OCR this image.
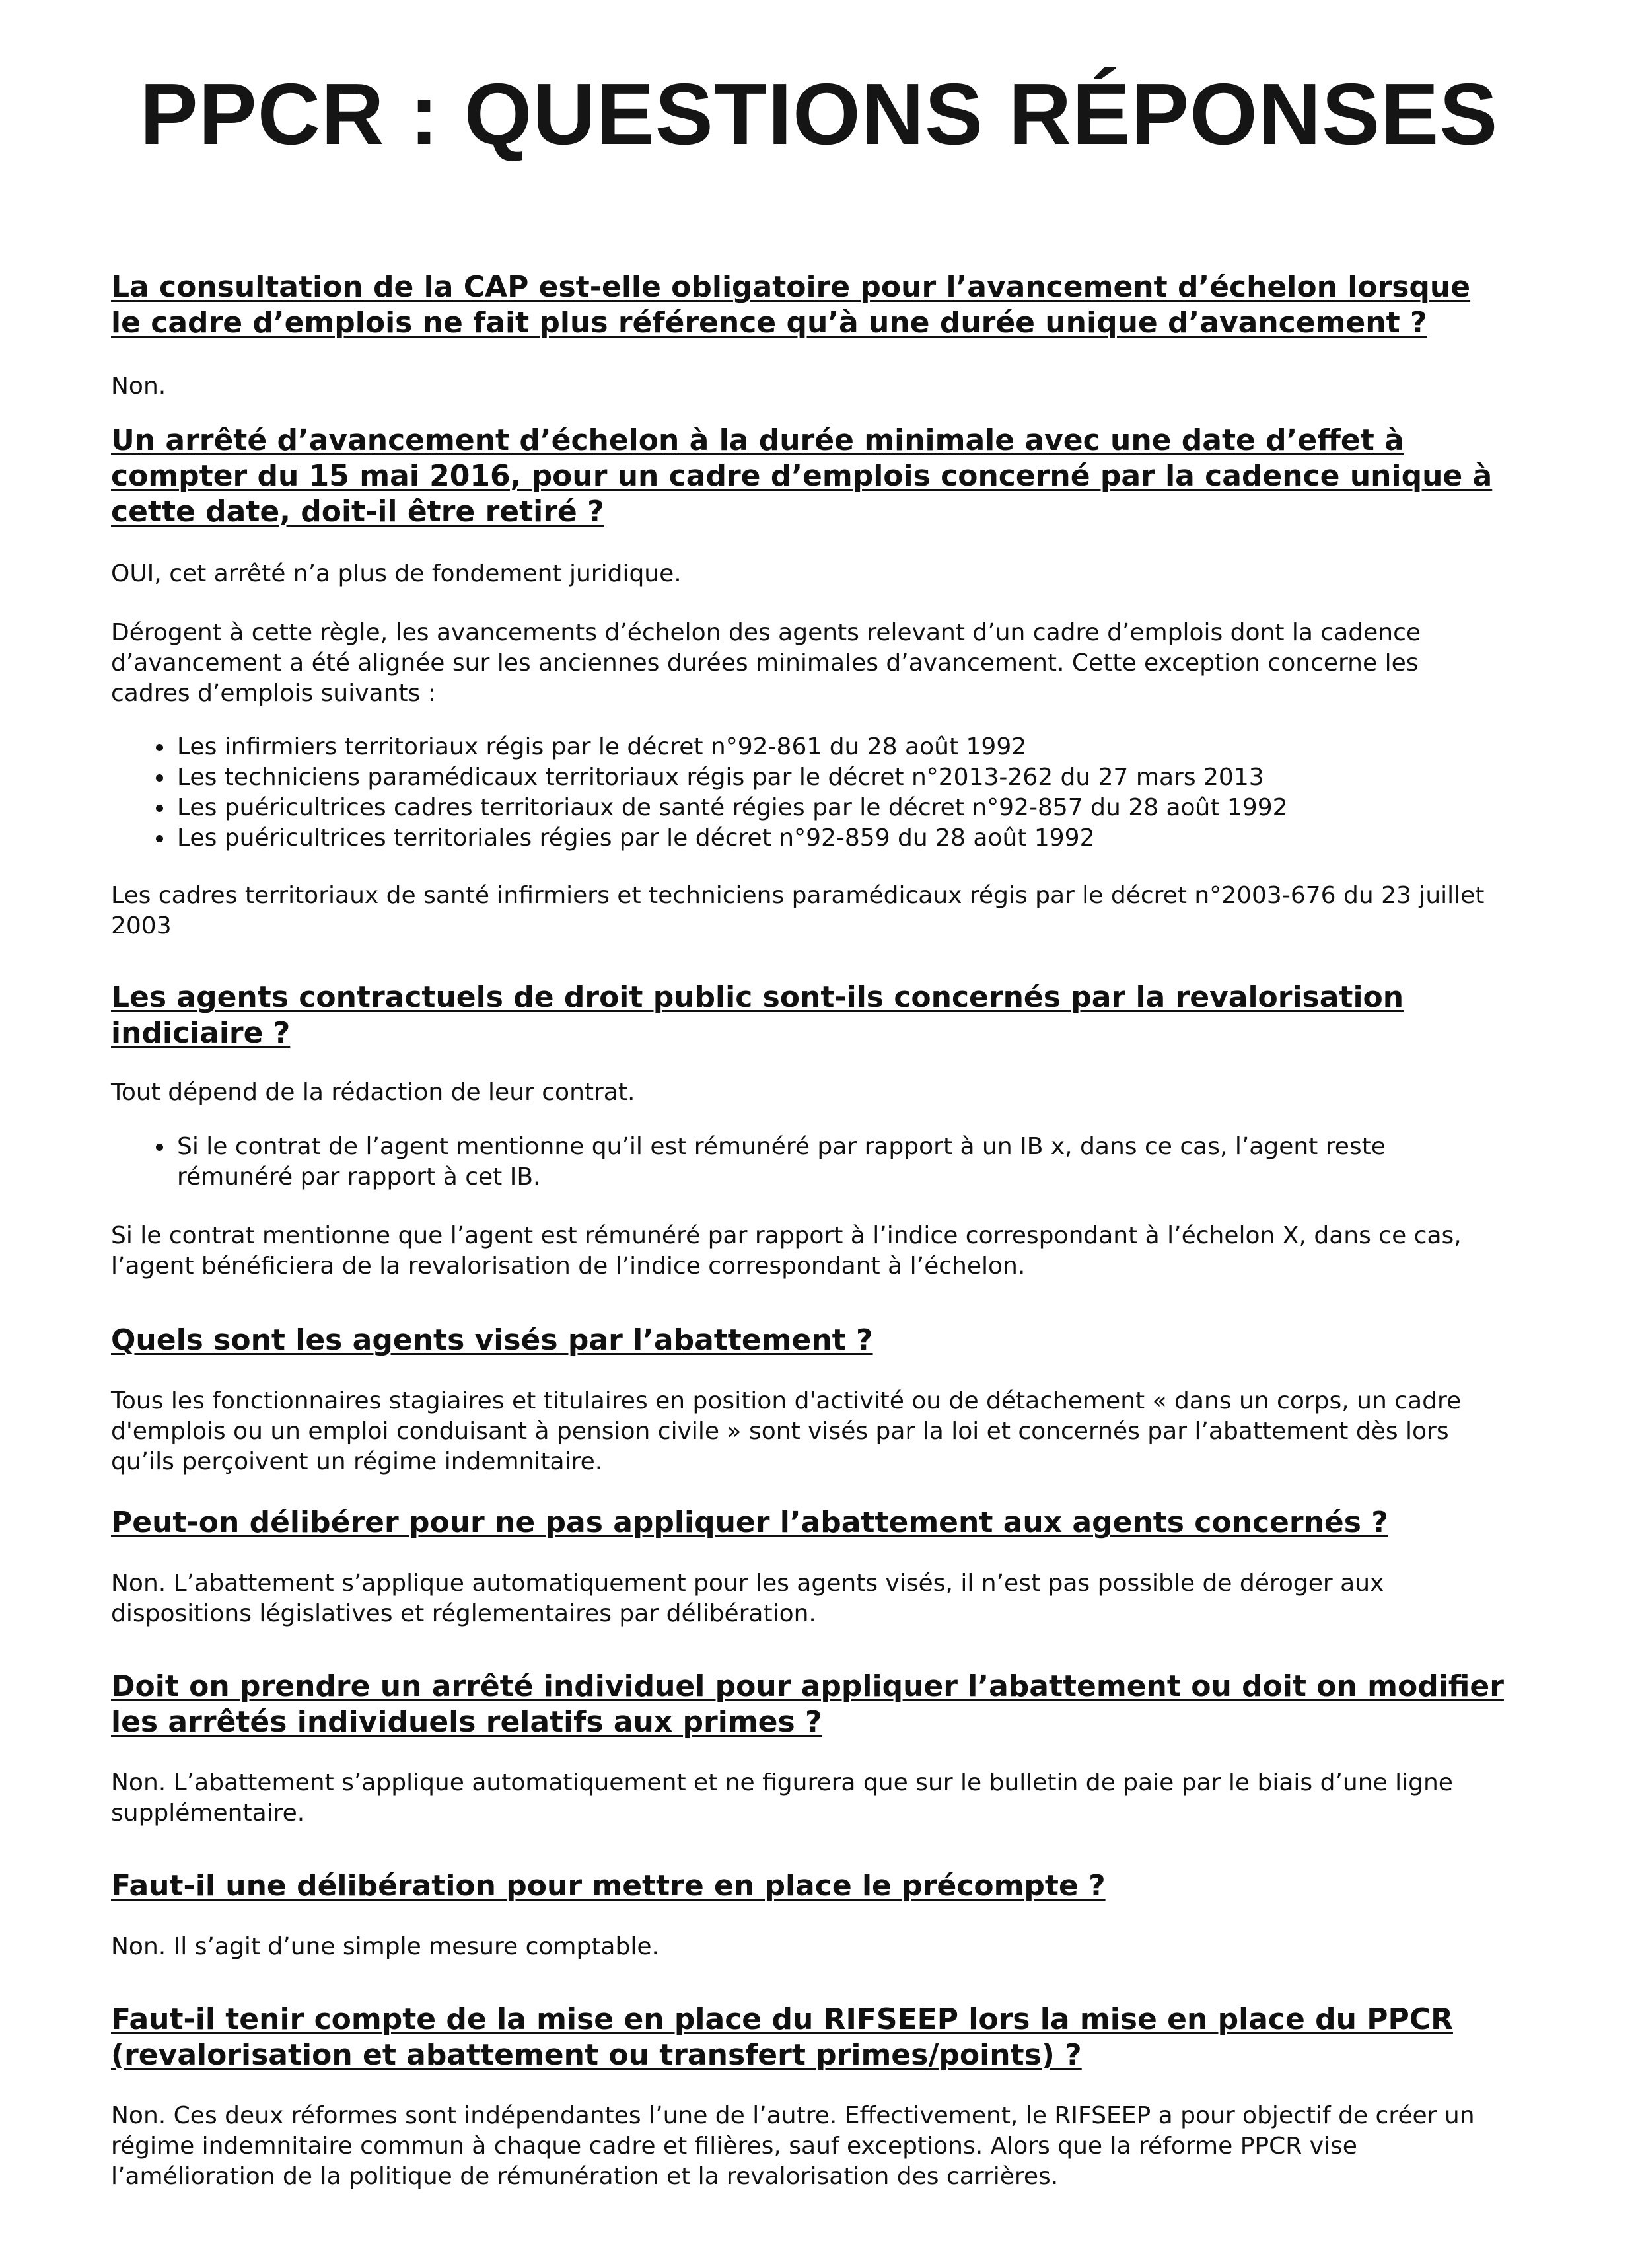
PPCR : QUESTIONS RÉPONSES

La consultation de la CAP est-elle obligatoire pour l’avancement d’échelon lorsque le cadre d’emplois ne fait plus référence qu’à une durée unique d’avancement ?

Non.

Un arrêté d’avancement d’échelon à la durée minimale avec une date d’effet à compter du 15 mai 2016, pour un cadre d’emplois concerné par la cadence unique à cette date, doit-il être retiré ?

OUI, cet arrêté n’a plus de fondement juridique.

Dérogent à cette règle, les avancements d’échelon des agents relevant d’un cadre d’emplois dont la cadence d’avancement a été alignée sur les anciennes durées minimales d’avancement. Cette exception concerne les cadres d’emplois suivants :

• Les infirmiers territoriaux régis par le décret n°92-861 du 28 août 1992
• Les techniciens paramédicaux territoriaux régis par le décret n°2013-262 du 27 mars 2013
• Les puéricultrices cadres territoriaux de santé régies par le décret n°92-857 du 28 août 1992
• Les puéricultrices territoriales régies par le décret n°92-859 du 28 août 1992

Les cadres territoriaux de santé infirmiers et techniciens paramédicaux régis par le décret n°2003-676 du 23 juillet 2003

Les agents contractuels de droit public sont-ils concernés par la revalorisation indiciaire ?

Tout dépend de la rédaction de leur contrat.

• Si le contrat de l’agent mentionne qu’il est rémunéré par rapport à un IB x, dans ce cas, l’agent reste rémunéré par rapport à cet IB.

Si le contrat mentionne que l’agent est rémunéré par rapport à l’indice correspondant à l’échelon X, dans ce cas, l’agent bénéficiera de la revalorisation de l’indice correspondant à l’échelon.

Quels sont les agents visés par l’abattement ?

Tous les fonctionnaires stagiaires et titulaires en position d'activité ou de détachement « dans un corps, un cadre d'emplois ou un emploi conduisant à pension civile » sont visés par la loi et concernés par l’abattement dès lors qu’ils perçoivent un régime indemnitaire.

Peut-on délibérer pour ne pas appliquer l’abattement aux agents concernés ?

Non. L’abattement s’applique automatiquement pour les agents visés, il n’est pas possible de déroger aux dispositions législatives et réglementaires par délibération.

Doit on prendre un arrêté individuel pour appliquer l’abattement ou doit on modifier les arrêtés individuels relatifs aux primes ?

Non. L’abattement s’applique automatiquement et ne figurera que sur le bulletin de paie par le biais d’une ligne supplémentaire.

Faut-il une délibération pour mettre en place le précompte ?

Non. Il s’agit d’une simple mesure comptable.

Faut-il tenir compte de la mise en place du RIFSEEP lors la mise en place du PPCR (revalorisation et abattement ou transfert primes/points) ?

Non. Ces deux réformes sont indépendantes l’une de l’autre. Effectivement, le RIFSEEP a pour objectif de créer un régime indemnitaire commun à chaque cadre et filières, sauf exceptions. Alors que la réforme PPCR vise l’amélioration de la politique de rémunération et la revalorisation des carrières.
